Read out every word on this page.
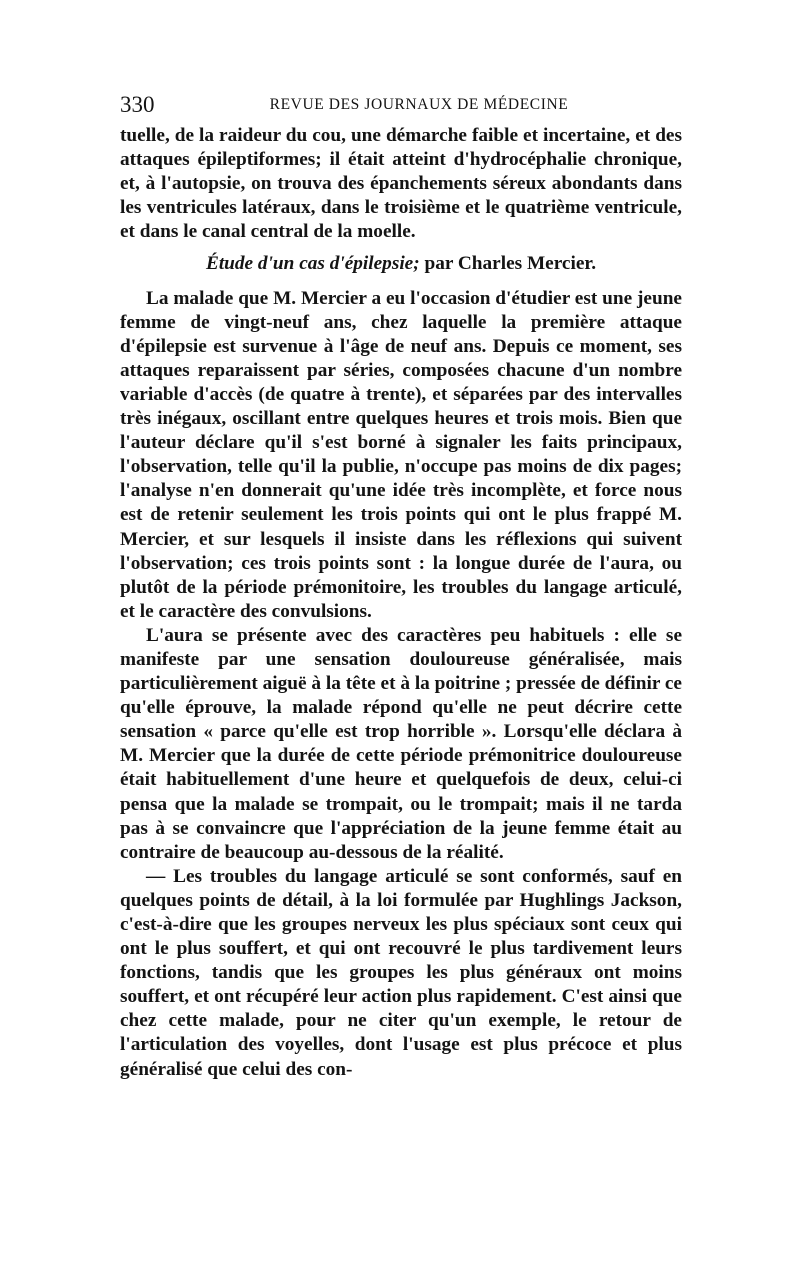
330	REVUE DES JOURNAUX DE MÉDECINE

tuelle, de la raideur du cou, une démarche faible et incertaine, et des attaques épileptiformes; il était atteint d'hydrocéphalie chronique, et, à l'autopsie, on trouva des épanchements séreux abondants dans les ventricules latéraux, dans le troisième et le quatrième ventricule, et dans le canal central de la moelle.

Étude d'un cas d'épilepsie; par Charles Mercier.

La malade que M. Mercier a eu l'occasion d'étudier est une jeune femme de vingt-neuf ans, chez laquelle la première attaque d'épilepsie est survenue à l'âge de neuf ans. Depuis ce moment, ses attaques reparaissent par séries, composées chacune d'un nombre variable d'accès (de quatre à trente), et séparées par des intervalles très inégaux, oscillant entre quelques heures et trois mois. Bien que l'auteur déclare qu'il s'est borné à signaler les faits principaux, l'observation, telle qu'il la publie, n'occupe pas moins de dix pages; l'analyse n'en donnerait qu'une idée très incomplète, et force nous est de retenir seulement les trois points qui ont le plus frappé M. Mercier, et sur lesquels il insiste dans les réflexions qui suivent l'observation; ces trois points sont : la longue durée de l'aura, ou plutôt de la période prémonitoire, les troubles du langage articulé, et le caractère des convulsions.

L'aura se présente avec des caractères peu habituels : elle se manifeste par une sensation douloureuse généralisée, mais particulièrement aiguë à la tête et à la poitrine ; pressée de définir ce qu'elle éprouve, la malade répond qu'elle ne peut décrire cette sensation « parce qu'elle est trop horrible ». Lorsqu'elle déclara à M. Mercier que la durée de cette période prémonitrice douloureuse était habituellement d'une heure et quelquefois de deux, celui-ci pensa que la malade se trompait, ou le trompait; mais il ne tarda pas à se convaincre que l'appréciation de la jeune femme était au contraire de beaucoup au-dessous de la réalité.

— Les troubles du langage articulé se sont conformés, sauf en quelques points de détail, à la loi formulée par Hughlings Jackson, c'est-à-dire que les groupes nerveux les plus spéciaux sont ceux qui ont le plus souffert, et qui ont recouvré le plus tardivement leurs fonctions, tandis que les groupes les plus généraux ont moins souffert, et ont récupéré leur action plus rapidement. C'est ainsi que chez cette malade, pour ne citer qu'un exemple, le retour de l'articulation des voyelles, dont l'usage est plus précoce et plus généralisé que celui des con-
